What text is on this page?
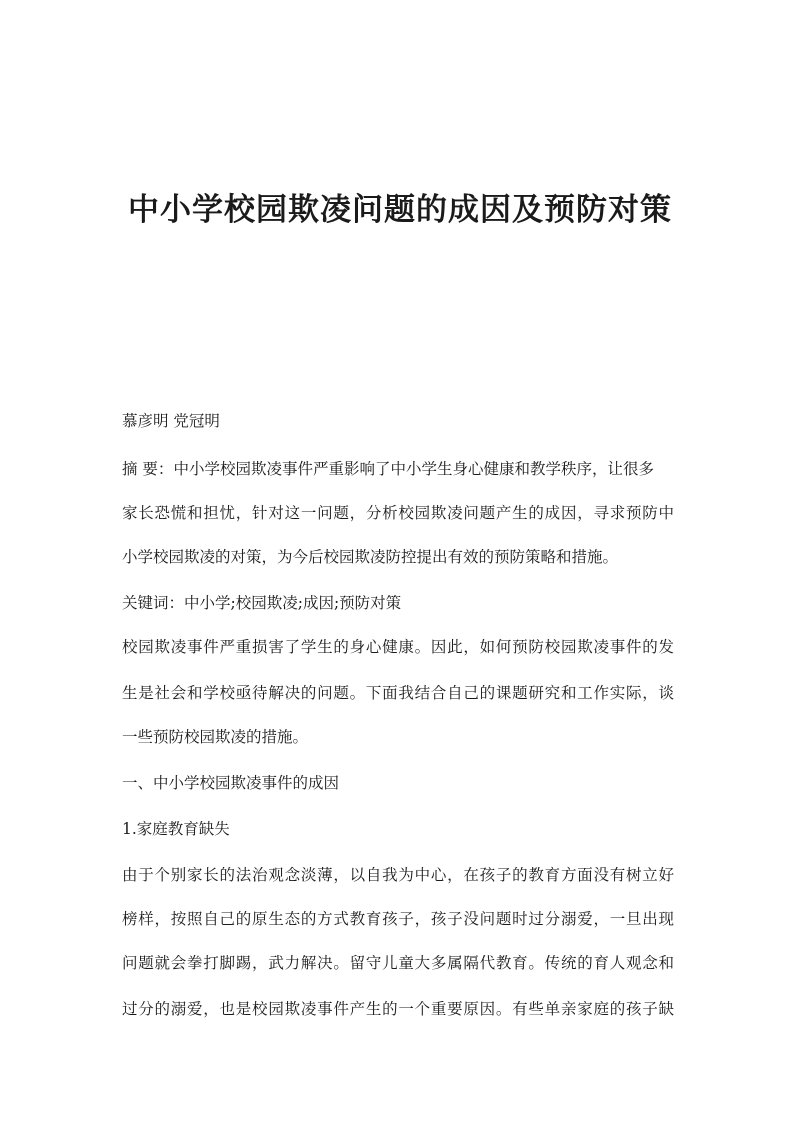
中小学校园欺凌问题的成因及预防对策
慕彦明 党冠明
摘 要：中小学校园欺凌事件严重影响了中小学生身心健康和教学秩序，让很多
家长恐慌和担忧，针对这一问题，分析校园欺凌问题产生的成因，寻求预防中
小学校园欺凌的对策，为今后校园欺凌防控提出有效的预防策略和措施。
关键词：中小学;校园欺凌;成因;预防对策
校园欺凌事件严重损害了学生的身心健康。因此，如何预防校园欺凌事件的发
生是社会和学校亟待解决的问题。下面我结合自己的课题研究和工作实际，谈
一些预防校园欺凌的措施。
一、中小学校园欺凌事件的成因
1.家庭教育缺失
由于个别家长的法治观念淡薄，以自我为中心，在孩子的教育方面没有树立好
榜样，按照自己的原生态的方式教育孩子，孩子没问题时过分溺爱，一旦出现
问题就会拳打脚踢，武力解决。留守儿童大多属隔代教育。传统的育人观念和
过分的溺爱，也是校园欺凌事件产生的一个重要原因。有些单亲家庭的孩子缺
